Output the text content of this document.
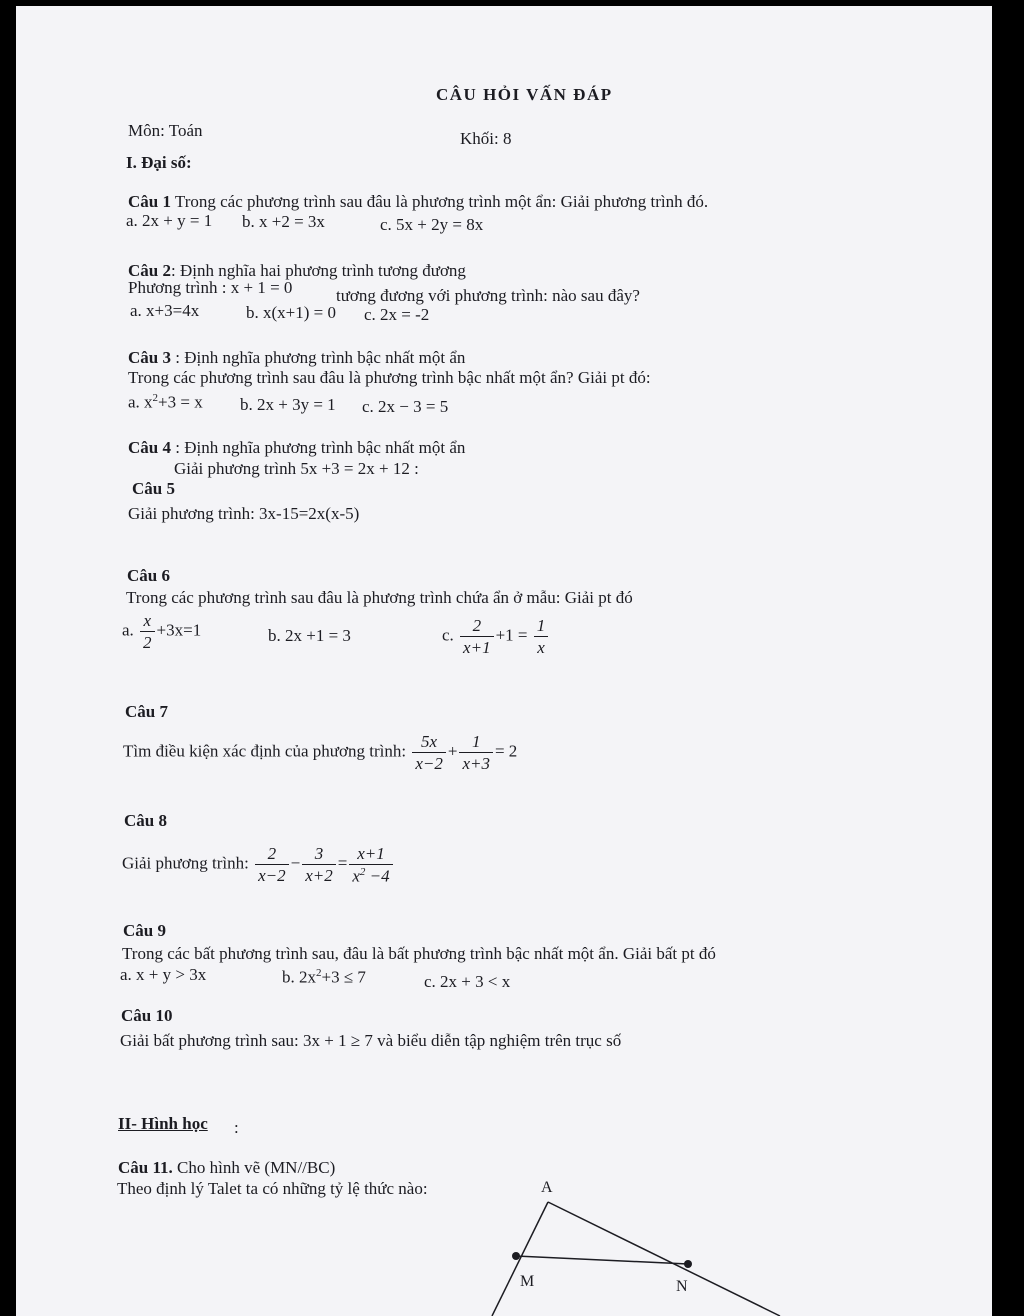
CÂU HỎI VẤN ĐÁP
Môn: Toán	Khối: 8
I. Đại số:
Câu 1 Trong các phương trình sau đâu là phương trình một ẩn: Giải phương trình đó.
a. 2x + y = 1 b. x +2 = 3x	c. 5x + 2y = 8x
Câu 2: Định nghĩa hai phương trình tương đương
Phương trình : x + 1 = 0	tương đương với phương trình: nào sau đây?
a. x+3=4x	b. x(x+1) = 0 c. 2x = -2
Câu 3 : Định nghĩa phương trình bậc nhất một ẩn
Trong các phương trình sau đâu là phương trình bậc nhất một ẩn? Giải pt đó:
a. $x^2+3 = x$ b. 2x + 3y = 1 c. 2x − 3 = 5
Câu 4 : Định nghĩa phương trình bậc nhất một ẩn
Giải phương trình 5x +3 = 2x + 12 :
Câu 5
Giải phương trình: 3x-15=2x(x-5)
Câu 6
Trong các phương trình sau đâu là phương trình chứa ẩn ở mẫu: Giải pt đó
a. $\frac{x}{2} +3x=1$	b. 2x +1 = 3	c. $\frac{2}{x+1} +1 = \frac{1}{x}$
Câu 7
Tìm điều kiện xác định của phương trình: $\frac{5x}{x-2} + \frac{1}{x+3} = 2$
Câu 8
Giải phương trình: $\frac{2}{x-2} - \frac{3}{x+2} = \frac{x+1}{x^2 -4}$
Câu 9
Trong các bất phương trình sau, đâu là bất phương trình bậc nhất một ẩn. Giải bất pt đó
a. x + y > 3x	b. $2x^2+3 \le 7$	c. 2x + 3 < x
Câu 10
Giải bất phương trình sau: 3x + 1 ≥ 7 và biểu diễn tập nghiệm trên trục số
II- Hình học :
Câu 11. Cho hình vẽ (MN//BC)
Theo định lý Talet ta có những tỷ lệ thức nào:	A
M	N
